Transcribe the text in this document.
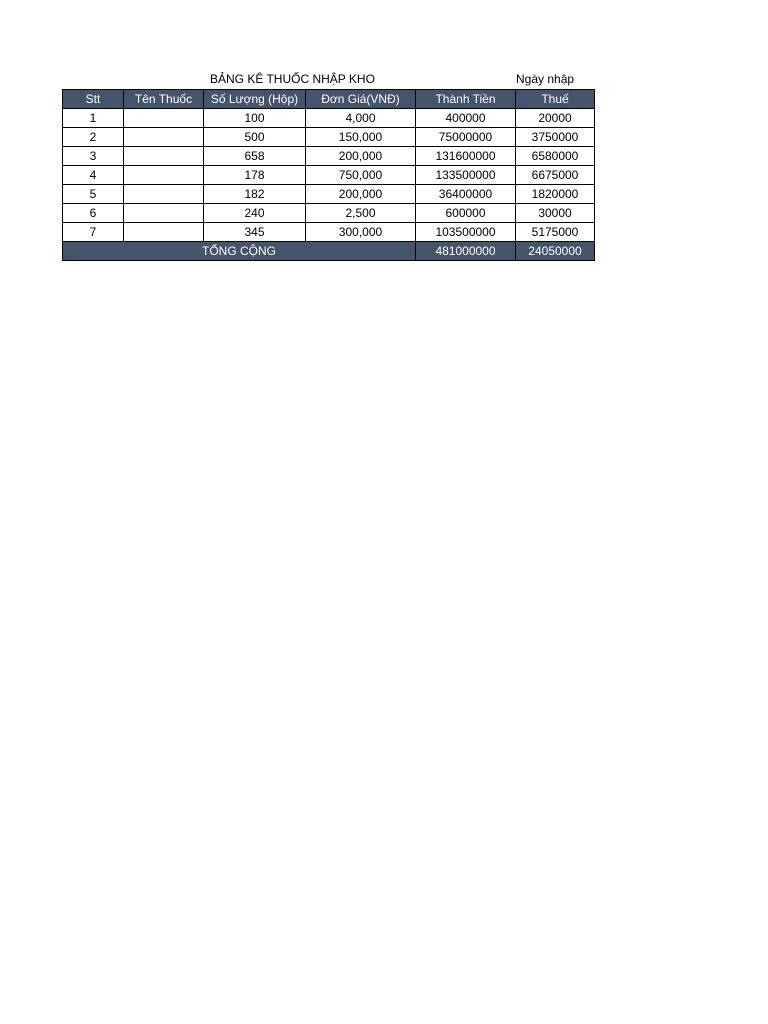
BẢNG KÊ THUỐC NHẬP KHO	Ngày nhập
Stt	Tên Thuốc	Số Lượng (Hộp)	Đơn Giá(VNĐ)	Thành Tiền	Thuế
1		100	4,000	400000	20000
2		500	150,000	75000000	3750000
3		658	200,000	131600000	6580000
4		178	750,000	133500000	6675000
5		182	200,000	36400000	1820000
6		240	2,500	600000	30000
7		345	300,000	103500000	5175000
TỔNG CỘNG				481000000	24050000
